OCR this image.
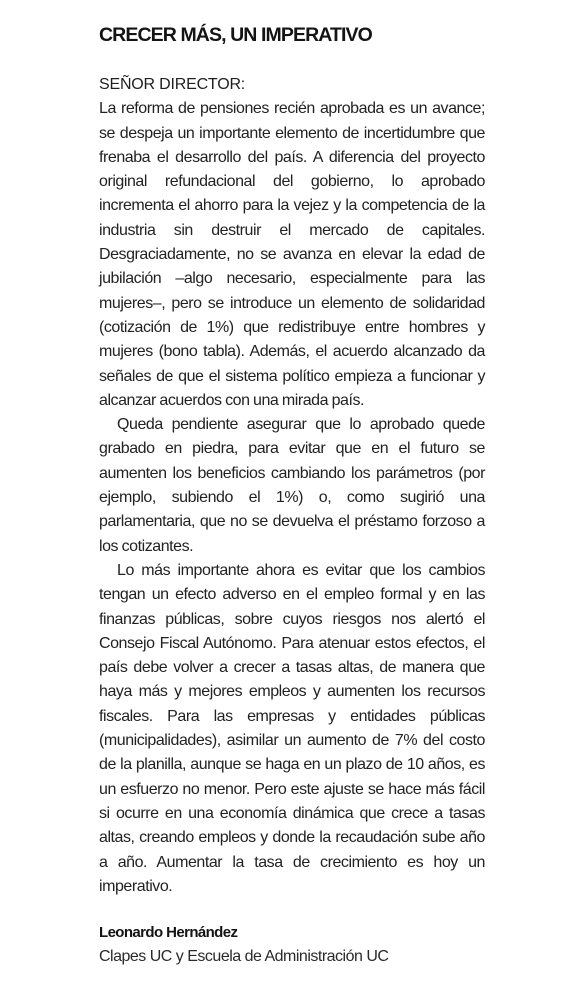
CRECER MÁS, UN IMPERATIVO
SEÑOR DIRECTOR:

La reforma de pensiones recién aprobada es un avance; se despeja un importante elemento de incertidumbre que frenaba el desarrollo del país. A diferencia del proyecto original refundacional del gobierno, lo aprobado incrementa el ahorro para la vejez y la competencia de la industria sin destruir el mercado de capitales. Desgraciadamente, no se avanza en elevar la edad de jubilación –algo necesario, especialmente para las mujeres–, pero se introduce un elemento de solidaridad (cotización de 1%) que redistribuye entre hombres y mujeres (bono tabla). Además, el acuerdo alcanzado da señales de que el sistema político empieza a funcionar y alcanzar acuerdos con una mirada país.

Queda pendiente asegurar que lo aprobado quede grabado en piedra, para evitar que en el futuro se aumenten los beneficios cambiando los parámetros (por ejemplo, subiendo el 1%) o, como sugirió una parlamentaria, que no se devuelva el préstamo forzoso a los cotizantes.

Lo más importante ahora es evitar que los cambios tengan un efecto adverso en el empleo formal y en las finanzas públicas, sobre cuyos riesgos nos alertó el Consejo Fiscal Autónomo. Para atenuar estos efectos, el país debe volver a crecer a tasas altas, de manera que haya más y mejores empleos y aumenten los recursos fiscales. Para las empresas y entidades públicas (municipalidades), asimilar un aumento de 7% del costo de la planilla, aunque se haga en un plazo de 10 años, es un esfuerzo no menor. Pero este ajuste se hace más fácil si ocurre en una economía dinámica que crece a tasas altas, creando empleos y donde la recaudación sube año a año. Aumentar la tasa de crecimiento es hoy un imperativo.

Leonardo Hernández
Clapes UC y Escuela de Administración UC
